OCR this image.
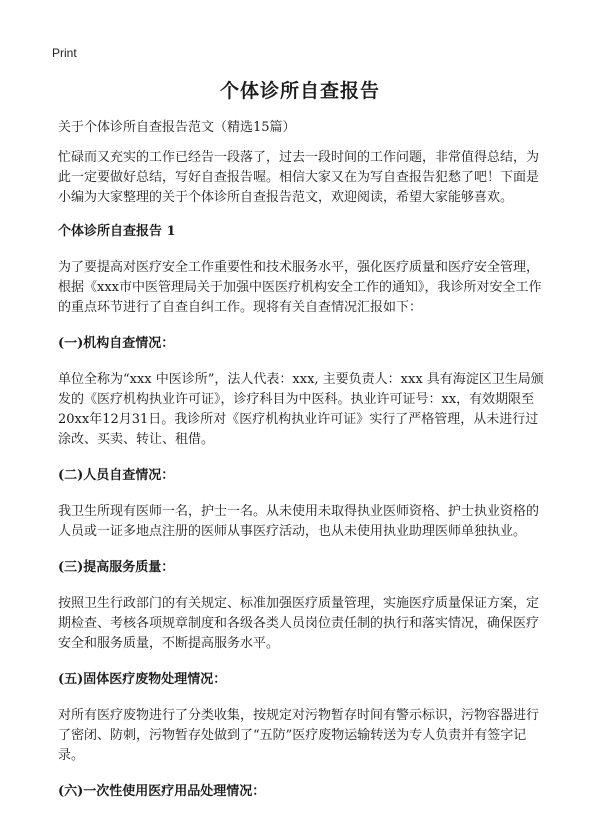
Print
个体诊所自查报告

关于个体诊所自查报告范文（精选15篇）

忙碌而又充实的工作已经告一段落了，过去一段时间的工作问题，非常值得总结，为此一定要做好总结，写好自查报告喔。相信大家又在为写自查报告犯愁了吧！下面是小编为大家整理的关于个体诊所自查报告范文，欢迎阅读，希望大家能够喜欢。

个体诊所自查报告 1

为了要提高对医疗安全工作重要性和技术服务水平，强化医疗质量和医疗安全管理，根据《xxx市中医管理局关于加强中医医疗机构安全工作的通知》，我诊所对安全工作的重点环节进行了自查自纠工作。现将有关自查情况汇报如下：

(一)机构自查情况：

单位全称为“xxx 中医诊所”，法人代表：xxx, 主要负责人：xxx 具有海淀区卫生局颁发的《医疗机构执业许可证》，诊疗科目为中医科。执业许可证号：xx，有效期限至20xx年12月31日。我诊所对《医疗机构执业许可证》实行了严格管理，从未进行过涂改、买卖、转让、租借。

(二)人员自查情况：

我卫生所现有医师一名，护士一名。从未使用未取得执业医师资格、护士执业资格的人员或一证多地点注册的医师从事医疗活动，也从未使用执业助理医师单独执业。

(三)提高服务质量：

按照卫生行政部门的有关规定、标准加强医疗质量管理，实施医疗质量保证方案，定期检查、考核各项规章制度和各级各类人员岗位责任制的执行和落实情况，确保医疗安全和服务质量，不断提高服务水平。

(五)固体医疗废物处理情况：

对所有医疗废物进行了分类收集，按规定对污物暂存时间有警示标识，污物容器进行了密闭、防刺，污物暂存处做到了“五防”医疗废物运输转送为专人负责并有签字记录。

(六)一次性使用医疗用品处理情况：
